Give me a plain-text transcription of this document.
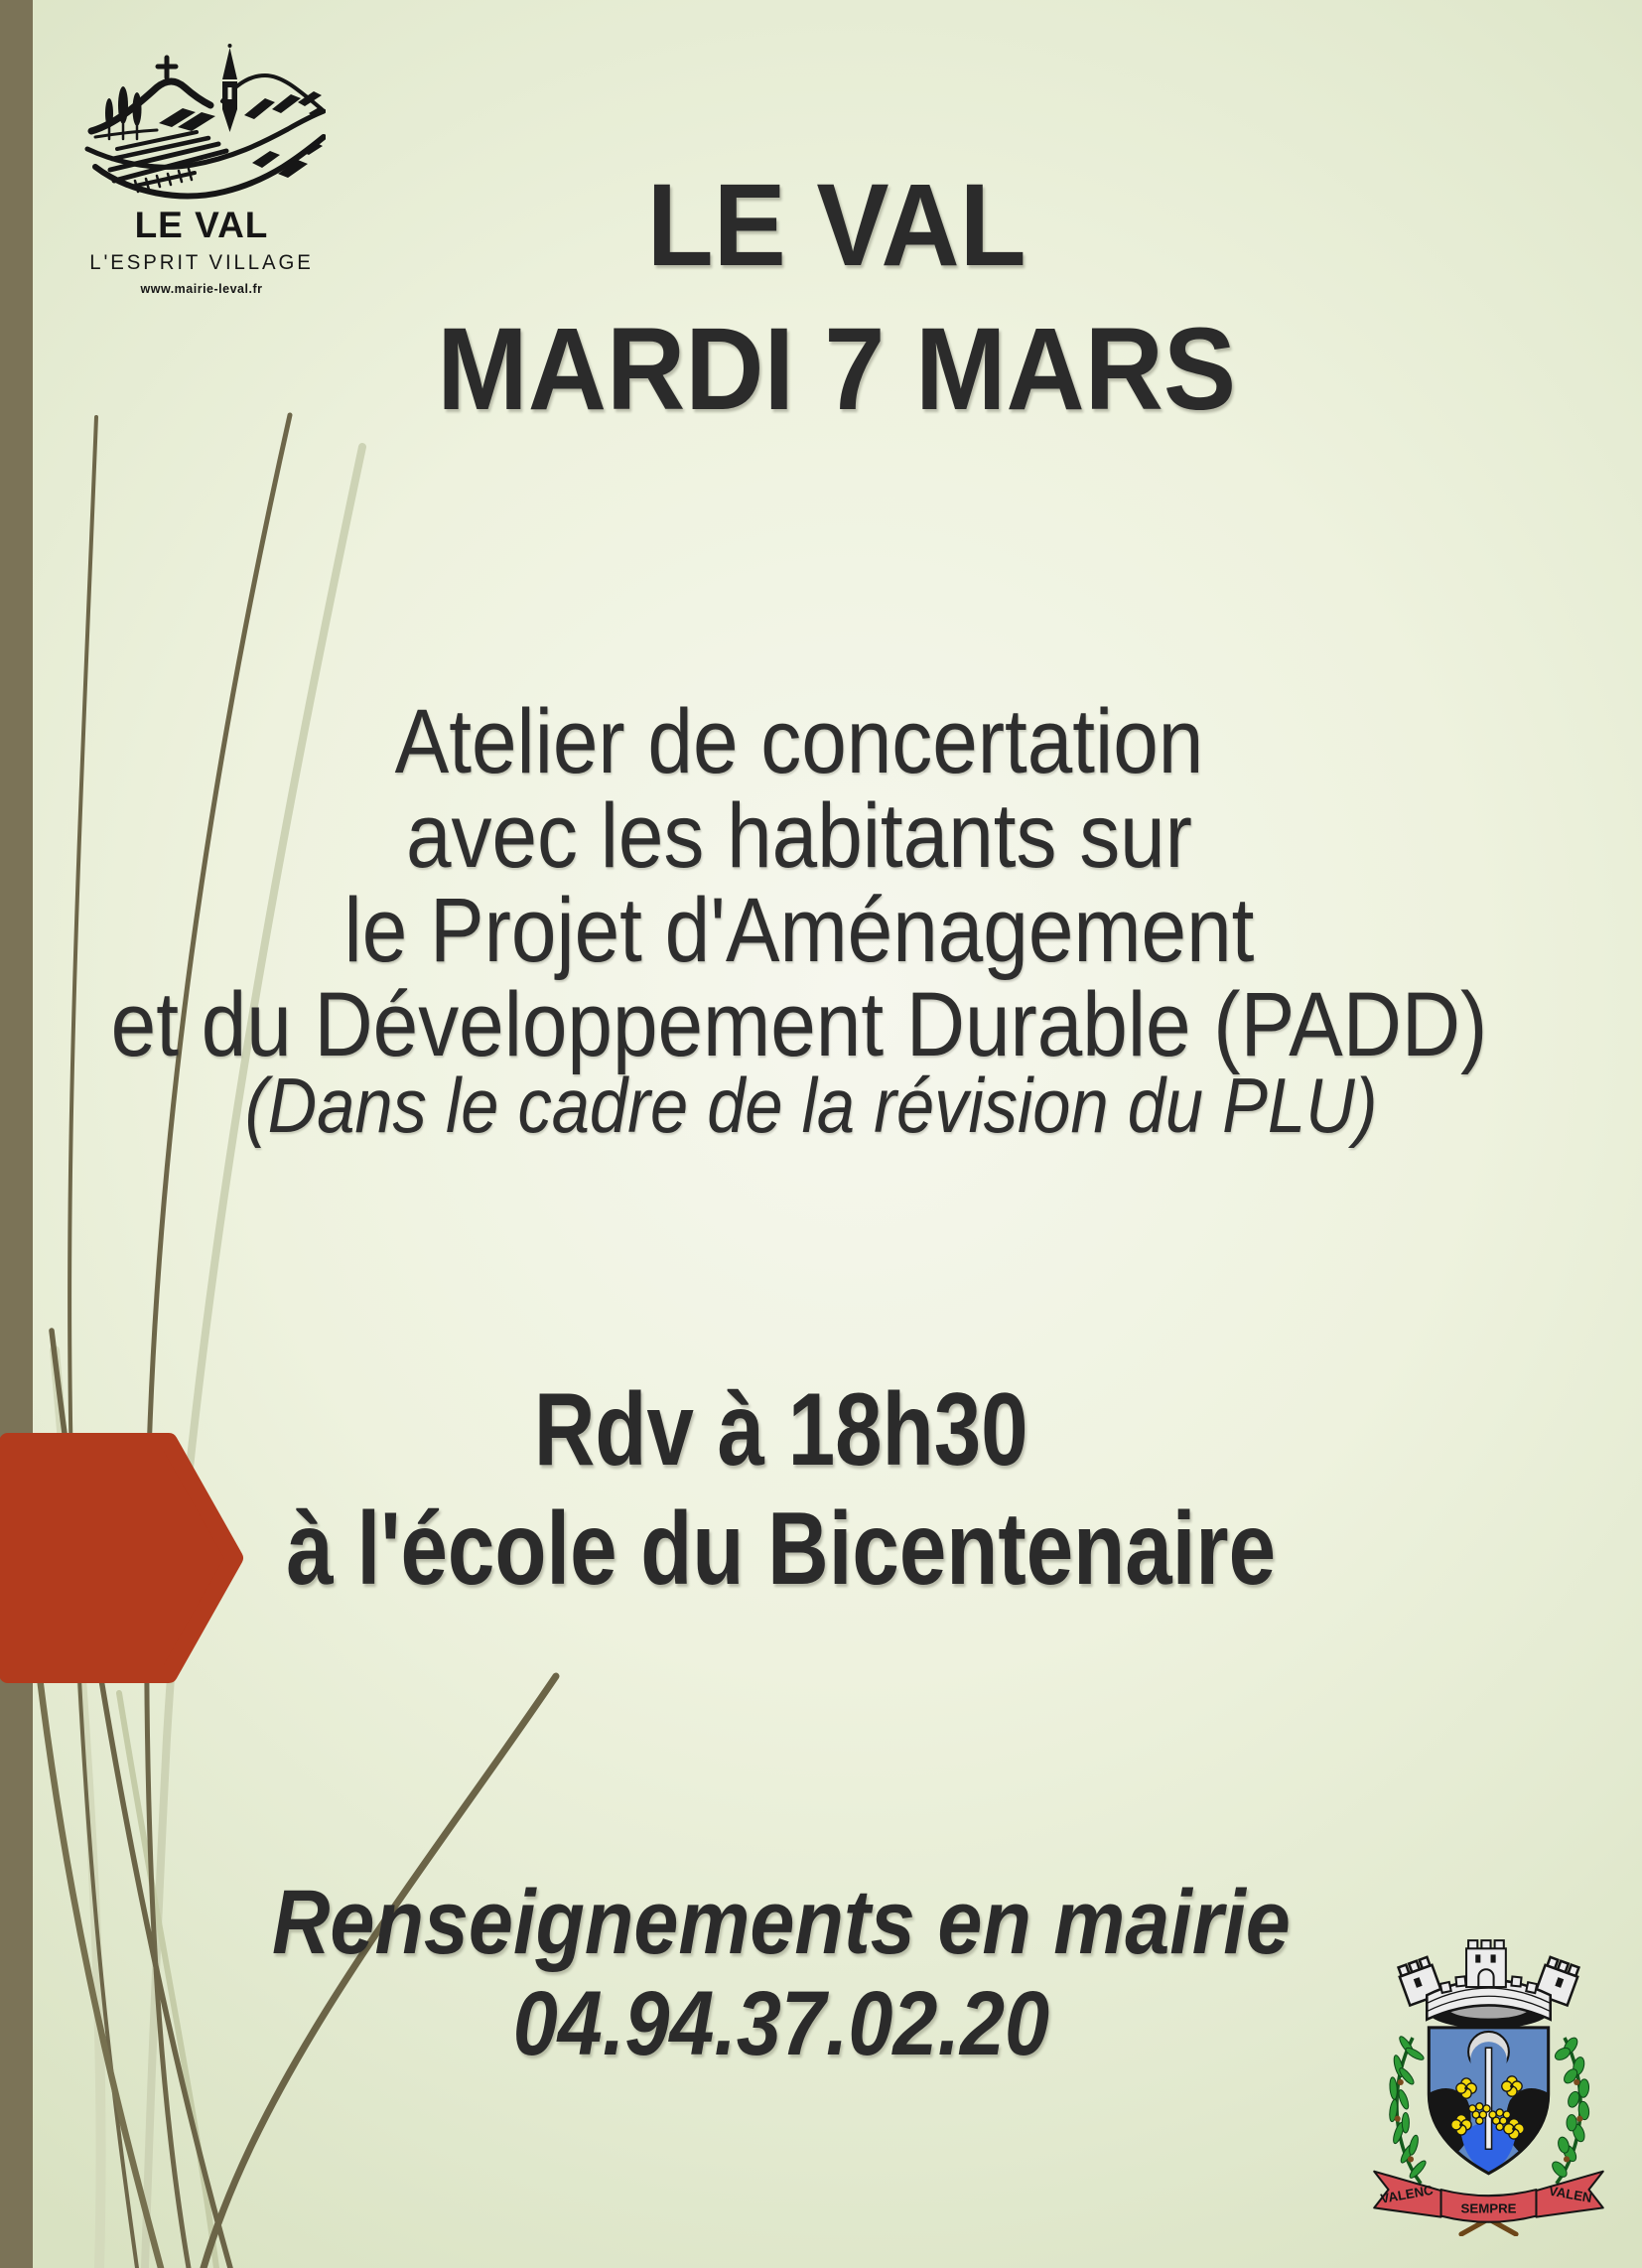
LE VAL
L'ESPRIT VILLAGE
www.mairie-leval.fr	LE VAL
MARDI 7 MARS
Atelier de concertation
avec les habitants sur
le Projet d'Aménagement
et du Développement Durable (PADD)
(Dans le cadre de la révision du PLU)
Rdv à 18h30
à l'école du Bicentenaire
Renseignements en mairie
04.94.37.02.20
VALENC
SEMPRE
VALEN
